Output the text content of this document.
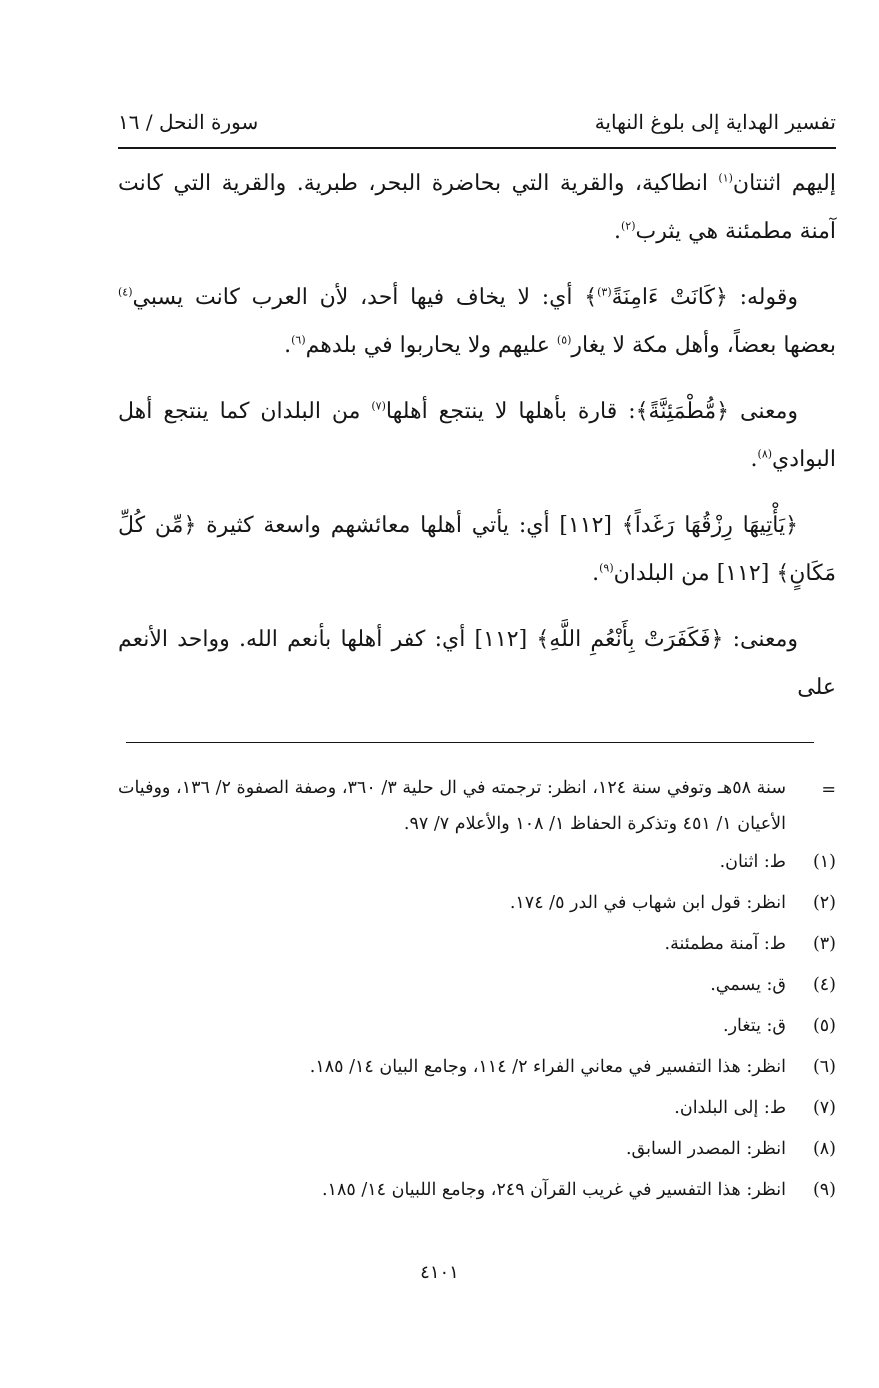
تفسير الهداية إلى بلوغ النهاية
سورة النحل / ١٦

إليهم اثنتان$^{(١)}$ انطاكية، والقرية التي بحاضرة البحر، طبرية. والقرية التي كانت آمنة مطمئنة هي يثرب$^{(٢)}$.

وقوله: ﴿كَانَتْ ءَامِنَةً$^{(٣)}$﴾ أي: لا يخاف فيها أحد، لأن العرب كانت يسبي$^{(٤)}$ بعضها بعضاً، وأهل مكة لا يغار$^{(٥)}$ عليهم ولا يحاربوا في بلدهم$^{(٦)}$.

ومعنى ﴿مُّطْمَئِنَّةً﴾: قارة بأهلها لا ينتجع أهلها$^{(٧)}$ من البلدان كما ينتجع أهل البوادي$^{(٨)}$.

﴿يَأْتِيهَا رِزْقُهَا رَغَداً﴾ [١١٢] أي: يأتي أهلها معائشهم واسعة كثيرة ﴿مِّن كُلِّ مَكَانٍ﴾ [١١٢] من البلدان$^{(٩)}$.

ومعنى: ﴿فَكَفَرَتْ بِأَنْعُمِ اللَّهِ﴾ [١١٢] أي: كفر أهلها بأنعم الله. وواحد الأنعم على

=
سنة ٥٨هـ وتوفي سنة ١٢٤، انظر: ترجمته في ال حلية ٣/ ٣٦٠، وصفة الصفوة ٢/ ١٣٦، ووفيات الأعيان ١/ ٤٥١ وتذكرة الحفاظ ١/ ١٠٨ والأعلام ٧/ ٩٧.
(١)
ط: اثنان.
(٢)
انظر: قول ابن شهاب في الدر ٥/ ١٧٤.
(٣)
ط: آمنة مطمئنة.
(٤)
ق: يسمي.
(٥)
ق: يتغار.
(٦)
انظر: هذا التفسير في معاني الفراء ٢/ ١١٤، وجامع البيان ١٤/ ١٨٥.
(٧)
ط: إلى البلدان.
(٨)
انظر: المصدر السابق.
(٩)
انظر: هذا التفسير في غريب القرآن ٢٤٩، وجامع اللبيان ١٤/ ١٨٥.
٤١٠١
